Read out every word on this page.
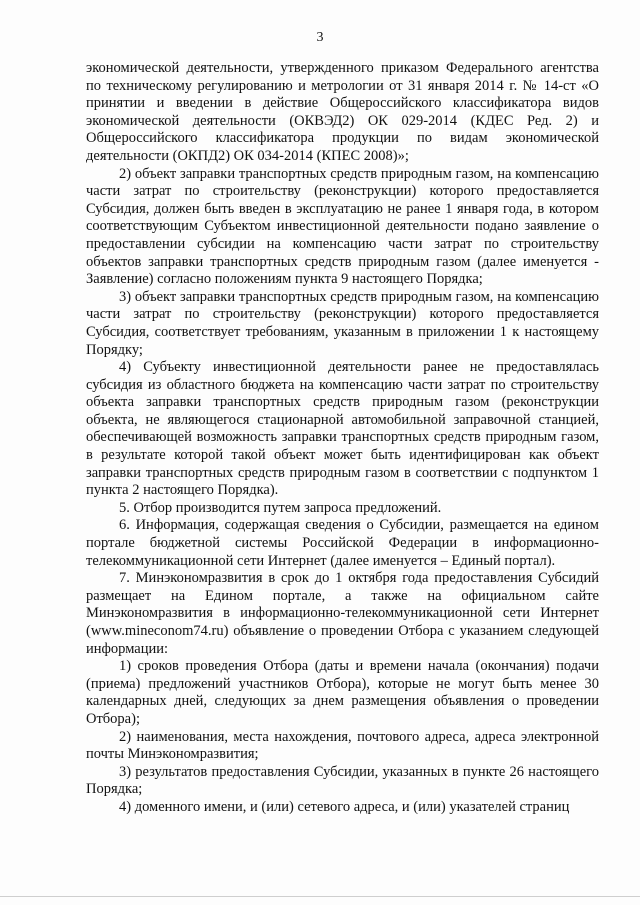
3

экономической деятельности, утвержденного приказом Федерального агентства по техническому регулированию и метрологии от 31 января 2014 г. № 14-ст «О принятии и введении в действие Общероссийского классификатора видов экономической деятельности (ОКВЭД2) ОК 029-2014 (КДЕС Ред. 2) и Общероссийского классификатора продукции по видам экономической деятельности (ОКПД2) ОК 034-2014 (КПЕС 2008)»;

2) объект заправки транспортных средств природным газом, на компенсацию части затрат по строительству (реконструкции) которого предоставляется Субсидия, должен быть введен в эксплуатацию не ранее 1 января года, в котором соответствующим Субъектом инвестиционной деятельности подано заявление о предоставлении субсидии на компенсацию части затрат по строительству объектов заправки транспортных средств природным газом (далее именуется - Заявление) согласно положениям пункта 9 настоящего Порядка;

3) объект заправки транспортных средств природным газом, на компенсацию части затрат по строительству (реконструкции) которого предоставляется Субсидия, соответствует требованиям, указанным в приложении 1 к настоящему Порядку;

4) Субъекту инвестиционной деятельности ранее не предоставлялась субсидия из областного бюджета на компенсацию части затрат по строительству объекта заправки транспортных средств природным газом (реконструкции объекта, не являющегося стационарной автомобильной заправочной станцией, обеспечивающей возможность заправки транспортных средств природным газом, в результате которой такой объект может быть идентифицирован как объект заправки транспортных средств природным газом в соответствии с подпунктом 1 пункта 2 настоящего Порядка).

5. Отбор производится путем запроса предложений.

6. Информация, содержащая сведения о Субсидии, размещается на едином портале бюджетной системы Российской Федерации в информационно-телекоммуникационной сети Интернет (далее именуется – Единый портал).

7. Минэкономразвития в срок до 1 октября года предоставления Субсидий размещает на Едином портале, а также на официальном сайте Минэкономразвития в информационно-телекоммуникационной сети Интернет (www.mineconom74.ru) объявление о проведении Отбора с указанием следующей информации:

1) сроков проведения Отбора (даты и времени начала (окончания) подачи (приема) предложений участников Отбора), которые не могут быть менее 30 календарных дней, следующих за днем размещения объявления о проведении Отбора);

2) наименования, места нахождения, почтового адреса, адреса электронной почты Минэкономразвития;

3) результатов предоставления Субсидии, указанных в пункте 26 настоящего Порядка;

4) доменного имени, и (или) сетевого адреса, и (или) указателей страниц
